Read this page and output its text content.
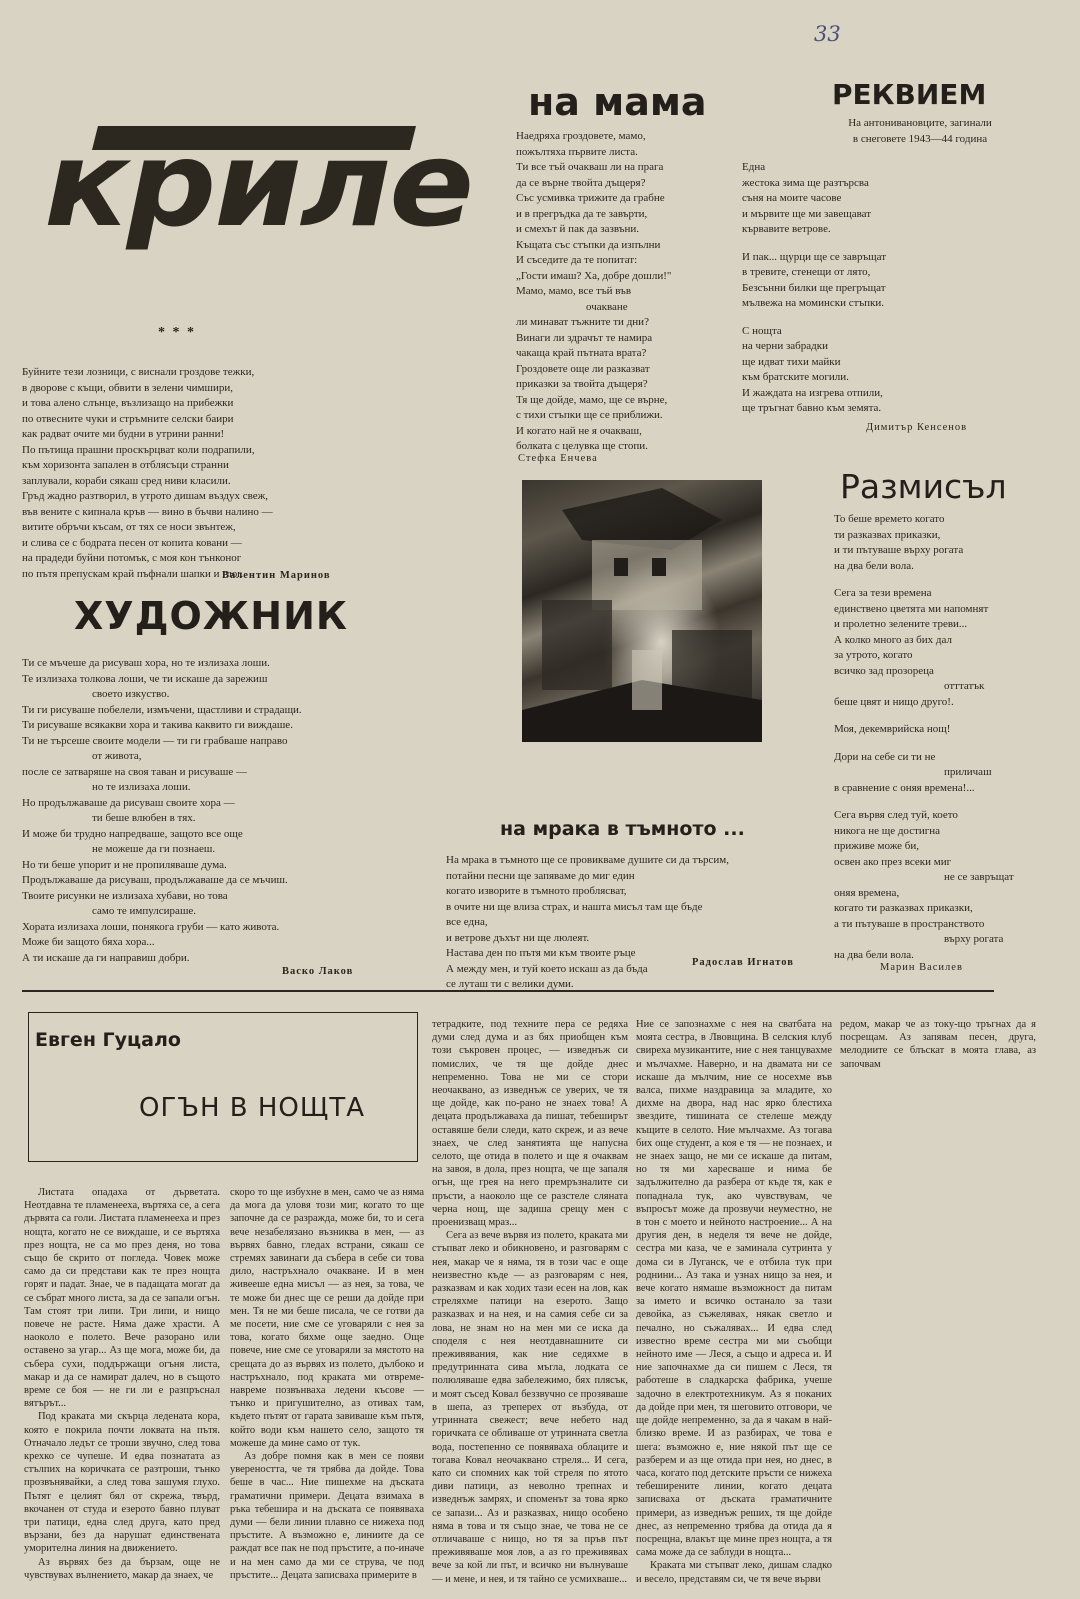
33
крилe
* * *

Буйните тези лозници, с виснали гроздове тежки,

в дворове с къщи, обвити в зелени чимшири,

и това алено слънце, възлизащо на прибежки

по отвесните чуки и стръмните селски баири

как радват очите ми будни в утрини ранни!

По пътища прашни проскърцват коли подрапили,

към хоризонта запален в отблясъци странни

заплували, кораби сякаш сред ниви класили.

Гръд жадно разтворил, в утрото дишам въздух свеж,

във вените с кипнала кръв — вино в бъчви налино —

витите обръчи късам, от тях се носи звънтеж,

и слива се с бодрата песен от копита ковани —

на прадеди буйни потомък, с моя кон тънконог

по пътя препускам край пъфнали шапки и глог.

Валентин Маринов
ХУДОЖНИК

Ти се мъчеше да рисуваш хора, но те излизаха лоши.

Те излизаха толкова лоши, че ти искаше да зарежиш

своето изкуство.

Ти ги рисуваше побелели, измъчени, щастливи и страдащи.

Ти рисуваше всякакви хора и такива каквито ги виждаше.

Ти не търсеше своите модели — ти ги грабваше направо

от живота,

после се затваряше на своя таван и рисуваше —

но те излизаха лоши.

Но продължаваше да рисуваш своите хора —

ти беше влюбен в тях.

И може би трудно напредваше, защото все още

не можеше да ги познаеш.

Но ти беше упорит и не пропиляваше дума.

Продължаваше да рисуваш, продължаваше да се мъчиш.

Твоите рисунки не излизаха хубави, но това

само те импулсираше.

Хората излизаха лоши, понякога груби — като живота.

Може би защото бяха хора...

А ти искаше да ги направиш добри.

Васко Лаков
на мама

Наедряха гроздовете, мамо,

пожълтяха първите листа.

Ти все тъй очакваш ли на прага

да се върне твойта дъщеря?

Със усмивка трижите да грабне

и в прегръдка да те завърти,

и смехът й пак да зазвъни.

Къщата със стъпки да изпълни

И съседите да те попитат:

„Гости имаш? Ха, добре дошли!"

Мамо, мамо, все тъй във

очакване

ли минават тъжните ти дни?

Винаги ли здрачът те намира

чакаща край пътната врата?

Гроздовете още ли разказват

приказки за твойта дъщеря?

Тя ще дойде, мамо, ще се върне,

с тихи стъпки ще се приближи.

И когато най не я очакваш,

болката с целувка ще стопи.

Стефка Енчева
РЕКВИЕМ

На антонивановците, загинали

в снеговете 1943—44 година

Една

жестока зима ще разтърсва

съня на моите часове

и мървите ще ми завещават

кървавите ветрове.

И пак... щурци ще се завръщат

в тревите, стенещи от лято,

Безсънни билки ще прегръщат

мълвежа на момински стъпки.

С нощта

на черни забрадки

ще идват тихи майки

към братските могили.

И жаждата на изгрева отпили,

ще тръгнат бавно към земята.

Димитър Кенсенов
на мрака в тъмното ...

На мрака в тъмното ще се провикваме душите си да търсим,

потайни песни ще запяваме до миг един

когато изворите в тъмното проблясват,

в очите ни ще влиза страх, и нашта мисъл там ще бъде

все една,

и ветрове дъхът ни ще люлеят.

Настава ден по пътя ми към твоите ръце

А между мен, и туй което искаш аз да бъда

се луташ ти с велики думи.

Радослав Игнатов
Размисъл

То беше времето когато

ти разказвах приказки,

и ти пътуваше върху рогата

на два бели вола.

Сега за тези времена

единствено цветята ми напомнят

и пролетно зелените треви...

А колко много аз бих дал

за утрото, когато

всичко зад прозореца

отттатък

беше цвят и нищо друго!.

Моя, декемврийска нощ!

Дори на себе си ти не

приличаш

в сравнение с оняя времена!...

Сега вървя след туй, което

никога не ще достигна

приживе може би,

освен ако през всеки миг

не се завръщат

оняя времена,

когато ти разказвах приказки,

а ти пътуваше в пространството

върху рогата

на два бели вола.

Марин Василев
Евген Гуцало
ОГЪН В НОЩТА

Листата опадаха от дърветата. Неотдавна те пламенееха, въртяха се, а сега дървята са голи. Листата пламенееха и през нощта, когато не се виждаше, и се въртяха през нощта, не са мо през деня, но това също бе скрито от погледа. Човек може само да си представи как те през нощта горят и падат. Знае, че в падащата могат да се събрат много листа, за да се запали огън. Там стоят три липи. Три липи, и нищо повече не расте. Няма даже храсти. А наоколо е полето. Вече разорано или оставено за угар... Аз ще мога, може би, да събера сухи, поддържащи огъня листа, макар и да се намират далеч, но в същото време се боя — не ги ли е разпръснал вятърът...

Под краката ми скърца ледената кора, която е покрила почти локвата на пътя. Отначало ледът се троши звучно, след това крехко се чупеше. И едва познатата аз стълпих на коричката се разтроши, тънко прозвънявайки, а след това зашумя глухо. Пътят е целият бял от скрежа, твърд, вкочанен от студа и езерото бавно плуват три патици, една след друга, като пред вързани, без да нарушат единствената уморителна линия на движението.

Аз вървях без да бързам, още не чувствувах вълнението, макар да знаех, че

скоро то ще избухне в мен, само че аз няма да мога да уловя този миг, когато то ще започне да се разражда, може би, то и сега вече незабелязано възниква в мен, — аз вървях бавно, гледах встрани, сякаш се стремях завинаги да събера в себе си това дило, настръхнало очакване. И в мен живееше една мисъл — аз нея, за това, че те може би днес ще се реши да дойде при мен. Тя не ми беше писала, че се готви да ме посети, ние сме се уговаряли с нея за това, когато бяхме още заедно. Още повече, ние сме се уговаряли за мястото на срещата до аз вървях из полето, дълбоко и настръхнало, под краката ми отвреме-навреме позвънваха ледени късове — тънко и пригушително, аз отивах там, където пътят от гарата завиваше към пътя, който води към нашето село, защото тя можеше да мине само от тук.

Аз добре помня как в мен се появи увереността, че тя трябва да дойде. Това беше в час... Ние пишехме на дъската граматични примери. Децата взимаха в ръка тебешира и на дъската се появяваха думи — бели линии плавно се нижеха под пръстите. А възможно е, линиите да се раждат все пак не под пръстите, а по-иначе и на мен само да ми се струва, че под пръстите... Децата записваха примерите в

тетрадките, под техните пера се редяха думи след дума и аз бях приобщен към този съкровен процес, — изведнъж си помислих, че тя ще дойде днес непременно. Това не ми се стори неочаквано, аз изведнъж се уверих, че тя ще дойде, как по-рано не знаех това! А децата продължаваха да пишат, тебеширът оставяше бели следи, като скреж, и аз вече знаех, че след занятията ще напусна селото, ще отида в полето и ще я очаквам на завоя, в дола, през нощта, че ще запаля огън, ще грея на него премръзналите си пръсти, а наоколо ще се разстеле сляната черна нощ, ще задиша срещу мен с проенизващ мраз...

Сега аз вече вървя из полето, краката ми стъпват леко и обикновено, и разговарям с нея, макар че я няма, тя в този час е още неизвестно къде — аз разговарям с нея, разказвам и как ходих тази есен на лов, как стреляхме патици на езерото. Защо разказвах и на нея, и на самия себе си за лова, не знам но на мен ми се иска да споделя с нея неотдавнашните си преживявания, как ние седяхме в предутринната сива мъгла, лодката се полюляваше едва забележимо, бях плясък, и моят съсед Ковал беззвучно се прозяваше в шепа, аз треперех от възбуда, от утринната свежест; вече небето над горичката се обливаше от утринната светла вода, постепенно се появяваха облаците и тогава Ковал неочаквано стреля... И сега, като си спомних как той стреля по ятото диви патици, аз неволно трепнах и изведнъж замрях, и споменът за това ярко се запази... Аз и разказвах, нищо особено няма в това и тя също знае, че това не се отличаваше с нищо, но тя за пръв път преживяваше моя лов, а аз го преживявах вече за кой ли път, и всичко ни вълнуваше — и мене, и нея, и тя тайно се усмихваше...

Ние се запознахме с нея на сватбата на моята сестра, в Лвовщина. В селския клуб свиреха музикантите, ние с нея танцувахме и мълчахме. Наверно, и на двамата ни се искаше да мълчим, ние се носехме във валса, пихме наздравица за младите, хо дихме на двора, над нас ярко блестиха звездите, тишината се стелеше между къщите в селото. Ние мълчахме. Аз тогава бих още студент, а коя е тя — не познаех, и не знаех защо, не ми се искаше да питам, но тя ми харесваше и нима бе задължително да разбера от къде тя, как е попаднала тук, ако чувствувам, че въпросът може да прозвучи неуместно, не в тон с моето и нейното настроение... А на другия ден, в неделя тя вече не дойде, сестра ми каза, че е заминала сутринта у дома си в Луганск, че е отбила тук при роднини... Аз така и узнах нищо за нея, и вече когато нямаше възможност да питам за името и всичко останало за тази девойка, аз съжелявах, някак светло и печално, но съжалявах... И едва след известно време сестра ми ми съобщи нейното име — Леся, а също и адреса и. И ние започнахме да си пишем с Леся, тя работеше в сладкарска фабрика, учеше задочно в електротехникум. Аз я поканих да дойде при мен, тя шеговито отговори, че ще дойде непременно, за да я чакам в най-близко време. И аз разбирах, че това е шега: възможно е, ние някой път ще се разберем и аз ще отида при нея, но днес, в часа, когато под детските пръсти се нижеха тебеширените линии, когато децата записваха от дъската граматичните примери, аз изведнъж реших, тя ще дойде днес, аз непременно трябва да отида да я посрещна, влакът ще мине през нощта, а тя сама може да се заблуди в нощта...

Краката ми стъпват леко, дишам сладко и весело, представям си, че тя вече върви

редом, макар че аз току-що тръгнах да я посрещам. Аз запявам песен, друга, мелодиите се блъскат в моята глава, аз започвам
